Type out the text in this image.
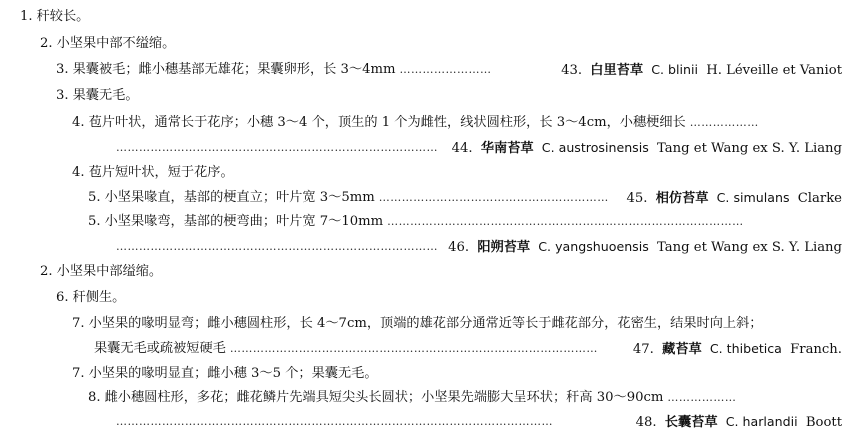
1. 秆较长。
2. 小坚果中部不缢缩。
3. 果囊被毛；雌小穗基部无雄花；果囊卵形，长 3～4mm ……………………	43. 白里苔草 C. blinii H. Léveille et Vaniot
3. 果囊无毛。
4. 苞片叶状，通常长于花序；小穗 3～4 个，顶生的 1 个为雌性，线状圆柱形，长 3～4cm，小穗梗细长 ………………
…………………………………………………………………………	44. 华南苔草 C. austrosinensis Tang et Wang ex S. Y. Liang
4. 苞片短叶状，短于花序。
5. 小坚果喙直，基部的梗直立；叶片宽 3～5mm ……………………………………………………	45. 相仿苔草 C. simulans Clarke
5. 小坚果喙弯，基部的梗弯曲；叶片宽 7～10mm …………………………………………………………………………………
………………………………………………………………………… 46. 阳朔苔草 C. yangshuoensis Tang et Wang ex S. Y. Liang
2. 小坚果中部缢缩。
6. 秆侧生。
7. 小坚果的喙明显弯；雌小穗圆柱形，长 4～7cm，顶端的雄花部分通常近等长于雌花部分，花密生，结果时向上斜；
果囊无毛或疏被短硬毛 ……………………………………………………………………………………	47. 藏苔草 C. thibetica Franch.
7. 小坚果的喙明显直；雌小穗 3～5 个；果囊无毛。
8. 雌小穗圆柱形，多花；雌花鳞片先端具短尖头长圆状；小坚果先端膨大呈环状；秆高 30～90cm ………………
……………………………………………………………………………………………………	48. 长囊苔草 C. harlandii Boott
